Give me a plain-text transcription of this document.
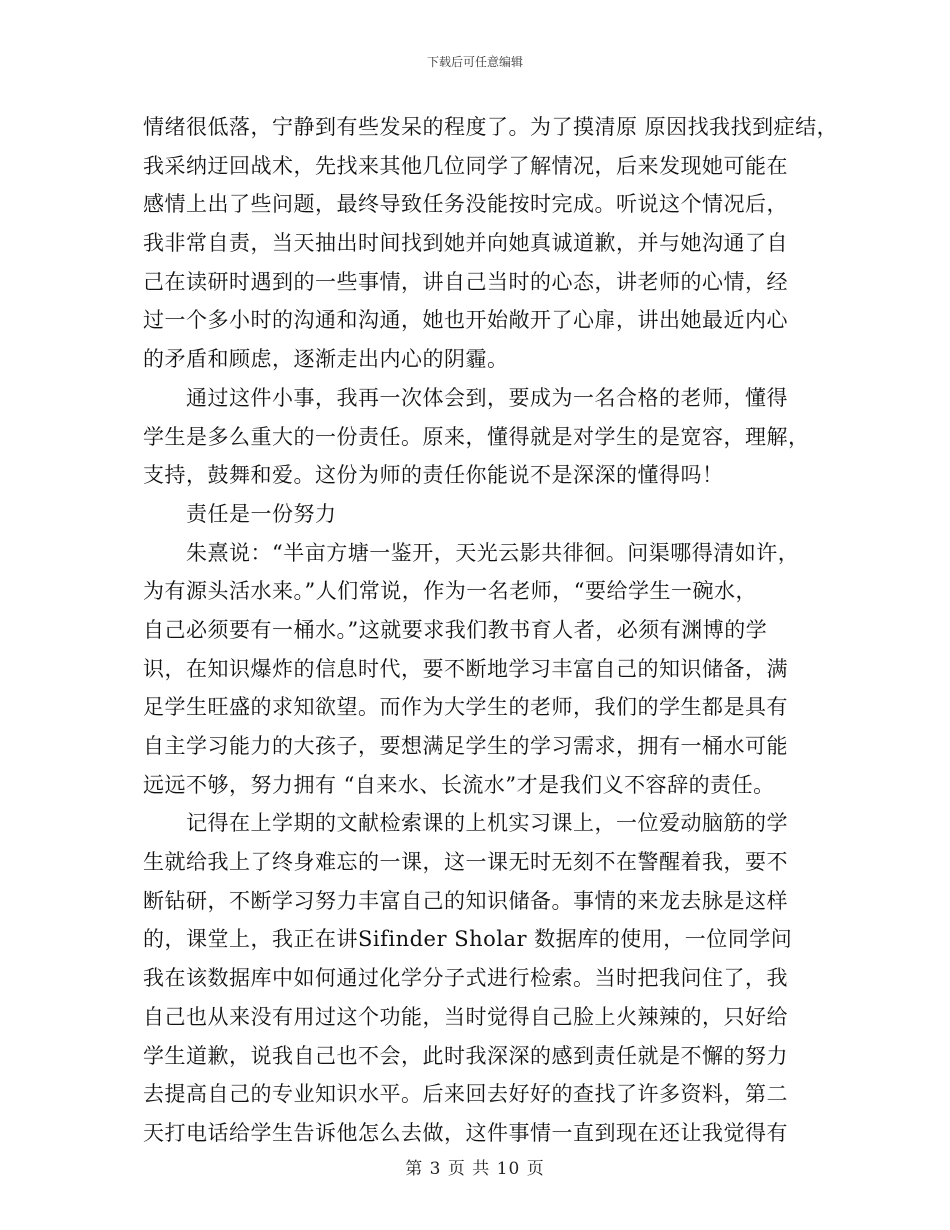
下载后可任意编辑
情绪很低落，宁静到有些发呆的程度了。为了摸清原 原因找我找到症结，
我采纳迂回战术，先找来其他几位同学了解情况，后来发现她可能在
感情上出了些问题，最终导致任务没能按时完成。听说这个情况后，
我非常自责，当天抽出时间找到她并向她真诚道歉，并与她沟通了自
己在读研时遇到的一些事情，讲自己当时的心态，讲老师的心情，经
过一个多小时的沟通和沟通，她也开始敞开了心扉，讲出她最近内心
的矛盾和顾虑，逐渐走出内心的阴霾。
　　通过这件小事，我再一次体会到，要成为一名合格的老师，懂得
学生是多么重大的一份责任。原来，懂得就是对学生的是宽容，理解，
支持，鼓舞和爱。这份为师的责任你能说不是深深的懂得吗！
　　责任是一份努力
　　朱熹说：“半亩方塘一鉴开，天光云影共徘徊。问渠哪得清如许，
为有源头活水来。”人们常说，作为一名老师，“要给学生一碗水，
自己必须要有一桶水。”这就要求我们教书育人者，必须有渊博的学
识，在知识爆炸的信息时代，要不断地学习丰富自己的知识储备，满
足学生旺盛的求知欲望。而作为大学生的老师，我们的学生都是具有
自主学习能力的大孩子，要想满足学生的学习需求，拥有一桶水可能
远远不够，努力拥有 “自来水、长流水”才是我们义不容辞的责任。
　　记得在上学期的文献检索课的上机实习课上，一位爱动脑筋的学
生就给我上了终身难忘的一课，这一课无时无刻不在警醒着我，要不
断钻研，不断学习努力丰富自己的知识储备。事情的来龙去脉是这样
的，课堂上，我正在讲Sifinder Sholar 数据库的使用，一位同学问
我在该数据库中如何通过化学分子式进行检索。当时把我问住了，我
自己也从来没有用过这个功能，当时觉得自己脸上火辣辣的，只好给
学生道歉，说我自己也不会，此时我深深的感到责任就是不懈的努力
去提高自己的专业知识水平。后来回去好好的查找了许多资料，第二
天打电话给学生告诉他怎么去做，这件事情一直到现在还让我觉得有
第 3 页 共 10 页
